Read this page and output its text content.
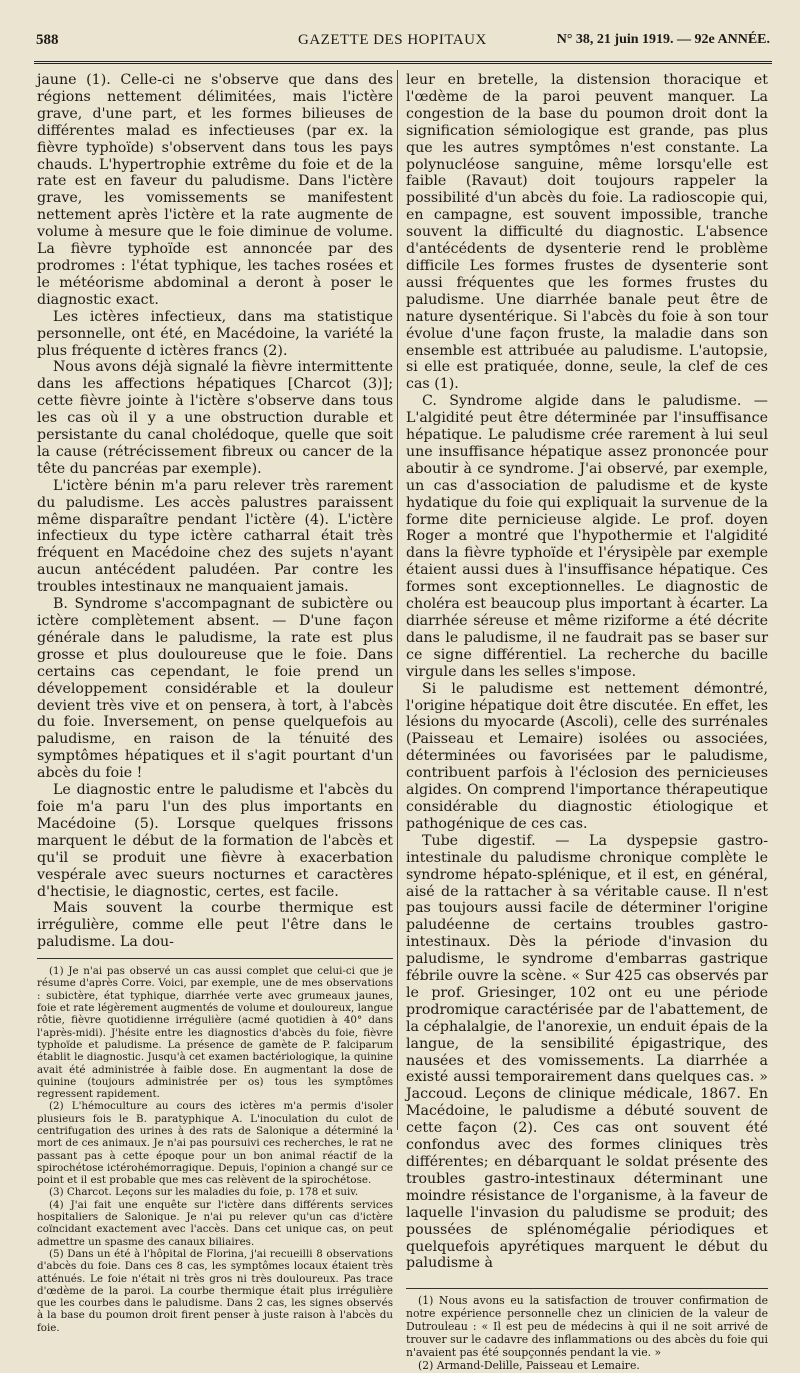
588	GAZETTE DES HOPITAUX	N° 38, 21 juin 1919. — 92e ANNÉE.

jaune (1). Celle-ci ne s'observe que dans des régions nettement délimitées, mais l'ictère grave, d'une part, et les formes bilieuses de différentes malad es infectieuses (par ex. la fièvre typhoïde) s'observent dans tous les pays chauds. L'hypertrophie extrême du foie et de la rate est en faveur du paludisme. Dans l'ictère grave, les vomissements se manifestent nettement après l'ictère et la rate augmente de volume à mesure que le foie diminue de volume. La fièvre typhoïde est annoncée par des prodromes : l'état typhique, les taches rosées et le météorisme abdominal a deront à poser le diagnostic exact.

Les ictères infectieux, dans ma statistique personnelle, ont été, en Macédoine, la variété la plus fréquente d ictères francs (2).

Nous avons déjà signalé la fièvre intermittente dans les affections hépatiques [Charcot (3)]; cette fièvre jointe à l'ictère s'observe dans tous les cas où il y a une obstruction durable et persistante du canal cholédoque, quelle que soit la cause (rétrécissement fibreux ou cancer de la tête du pancréas par exemple).

L'ictère bénin m'a paru relever très rarement du paludisme. Les accès palustres paraissent même disparaître pendant l'ictère (4). L'ictère infectieux du type ictère catharral était très fréquent en Macédoine chez des sujets n'ayant aucun antécédent paludéen. Par contre les troubles intestinaux ne manquaient jamais.

B. Syndrome s'accompagnant de subictère ou ictère complètement absent. — D'une façon générale dans le paludisme, la rate est plus grosse et plus douloureuse que le foie. Dans certains cas cependant, le foie prend un développement considérable et la douleur devient très vive et on pensera, à tort, à l'abcès du foie. Inversement, on pense quelquefois au paludisme, en raison de la ténuité des symptômes hépatiques et il s'agit pourtant d'un abcès du foie !

Le diagnostic entre le paludisme et l'abcès du foie m'a paru l'un des plus importants en Macédoine (5). Lorsque quelques frissons marquent le début de la formation de l'abcès et qu'il se produit une fièvre à exacerbation vespérale avec sueurs nocturnes et caractères d'hectisie, le diagnostic, certes, est facile.

Mais souvent la courbe thermique est irrégulière, comme elle peut l'être dans le paludisme. La dou-

(1) Je n'ai pas observé un cas aussi complet que celui-ci que je résume d'après Corre. Voici, par exemple, une de mes observations : subictère, état typhique, diarrhée verte avec grumeaux jaunes, foie et rate légèrement augmentés de volume et douloureux, langue rôtie, fièvre quotidienne irrégulière (acmé quotidien à 40° dans l'après-midi). J'hésite entre les diagnostics d'abcès du foie, fièvre typhoïde et paludisme. La présence de gamète de P. falciparum établit le diagnostic. Jusqu'à cet examen bactériologique, la quinine avait été administrée à faible dose. En augmentant la dose de quinine (toujours administrée per os) tous les symptômes regressent rapidement.

(2) L'hémoculture au cours des ictères m'a permis d'isoler plusieurs fois le B. paratyphique A. L'inoculation du culot de centrifugation des urines à des rats de Salonique a déterminé la mort de ces animaux. Je n'ai pas poursuivi ces recherches, le rat ne passant pas à cette époque pour un bon animal réactif de la spirochétose ictérohémorragique. Depuis, l'opinion a changé sur ce point et il est probable que mes cas relèvent de la spirochétose.

(3) Charcot. Leçons sur les maladies du foie, p. 178 et suiv.

(4) J'ai fait une enquête sur l'ictère dans différents services hospitaliers de Salonique. Je n'ai pu relever qu'un cas d'ictère coïncidant exactement avec l'accès. Dans cet unique cas, on peut admettre un spasme des canaux biliaires.

(5) Dans un été à l'hôpital de Florina, j'ai recueilli 8 observations d'abcès du foie. Dans ces 8 cas, les symptômes locaux étaient très atténués. Le foie n'était ni très gros ni très douloureux. Pas trace d'œdème de la paroi. La courbe thermique était plus irrégulière que les courbes dans le paludisme. Dans 2 cas, les signes observés à la base du poumon droit firent penser à juste raison à l'abcès du foie.

leur en bretelle, la distension thoracique et l'œdème de la paroi peuvent manquer. La congestion de la base du poumon droit dont la signification sémiologique est grande, pas plus que les autres symptômes n'est constante. La polynucléose sanguine, même lorsqu'elle est faible (Ravaut) doit toujours rappeler la possibilité d'un abcès du foie. La radioscopie qui, en campagne, est souvent impossible, tranche souvent la difficulté du diagnostic. L'absence d'antécédents de dysenterie rend le problème difficile Les formes frustes de dysenterie sont aussi fréquentes que les formes frustes du paludisme. Une diarrhée banale peut être de nature dysentérique. Si l'abcès du foie à son tour évolue d'une façon fruste, la maladie dans son ensemble est attribuée au paludisme. L'autopsie, si elle est pratiquée, donne, seule, la clef de ces cas (1).

C. Syndrome algide dans le paludisme. — L'algidité peut être déterminée par l'insuffisance hépatique. Le paludisme crée rarement à lui seul une insuffisance hépatique assez prononcée pour aboutir à ce syndrome. J'ai observé, par exemple, un cas d'association de paludisme et de kyste hydatique du foie qui expliquait la survenue de la forme dite pernicieuse algide. Le prof. doyen Roger a montré que l'hypothermie et l'algidité dans la fièvre typhoïde et l'érysipèle par exemple étaient aussi dues à l'insuffisance hépatique. Ces formes sont exceptionnelles. Le diagnostic de choléra est beaucoup plus important à écarter. La diarrhée séreuse et même riziforme a été décrite dans le paludisme, il ne faudrait pas se baser sur ce signe différentiel. La recherche du bacille virgule dans les selles s'impose.

Si le paludisme est nettement démontré, l'origine hépatique doit être discutée. En effet, les lésions du myocarde (Ascoli), celle des surrénales (Paisseau et Lemaire) isolées ou associées, déterminées ou favorisées par le paludisme, contribuent parfois à l'éclosion des pernicieuses algides. On comprend l'importance thérapeutique considérable du diagnostic étiologique et pathogénique de ces cas.

Tube digestif. — La dyspepsie gastro-intestinale du paludisme chronique complète le syndrome hépato-splénique, et il est, en général, aisé de la rattacher à sa véritable cause. Il n'est pas toujours aussi facile de déterminer l'origine paludéenne de certains troubles gastro-intestinaux. Dès la période d'invasion du paludisme, le syndrome d'embarras gastrique fébrile ouvre la scène. « Sur 425 cas observés par le prof. Griesinger, 102 ont eu une période prodromique caractérisée par de l'abattement, de la céphalalgie, de l'anorexie, un enduit épais de la langue, de la sensibilité épigastrique, des nausées et des vomissements. La diarrhée a existé aussi temporairement dans quelques cas. » Jaccoud. Leçons de clinique médicale, 1867. En Macédoine, le paludisme a débuté souvent de cette façon (2). Ces cas ont souvent été confondus avec des formes cliniques très différentes; en débarquant le soldat présente des troubles gastro-intestinaux déterminant une moindre résistance de l'organisme, à la faveur de laquelle l'invasion du paludisme se produit; des poussées de splénomégalie périodiques et quelquefois apyrétiques marquent le début du paludisme à

(1) Nous avons eu la satisfaction de trouver confirmation de notre expérience personnelle chez un clinicien de la valeur de Dutrouleau : « Il est peu de médecins à qui il ne soit arrivé de trouver sur le cadavre des inflammations ou des abcès du foie qui n'avaient pas été soupçonnés pendant la vie. »

(2) Armand-Delille, Paisseau et Lemaire.
